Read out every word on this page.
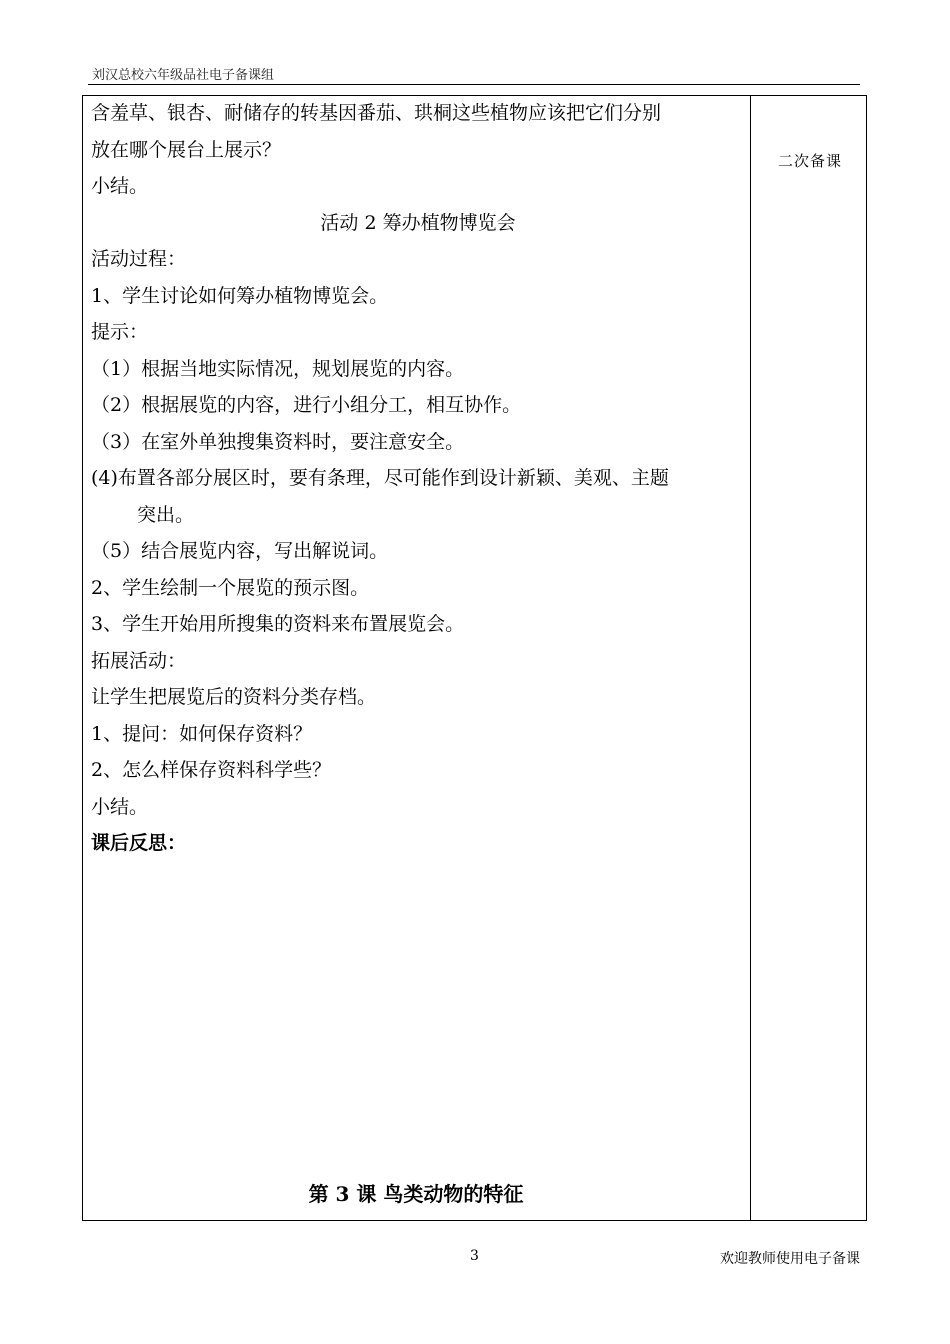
刘汉总校六年级品社电子备课组
二次备课
含羞草、银杏、耐储存的转基因番茄、珙桐这些植物应该把它们分别
放在哪个展台上展示？
小结。
活动 2 筹办植物博览会
活动过程：
1、学生讨论如何筹办植物博览会。
提示：
（1）根据当地实际情况，规划展览的内容。
（2）根据展览的内容，进行小组分工，相互协作。
（3）在室外单独搜集资料时，要注意安全。
(4)布置各部分展区时，要有条理，尽可能作到设计新颖、美观、主题
突出。
（5）结合展览内容，写出解说词。
2、学生绘制一个展览的预示图。
3、学生开始用所搜集的资料来布置展览会。
拓展活动：
让学生把展览后的资料分类存档。
1、提问：如何保存资料？
2、怎么样保存资料科学些？
小结。
课后反思：
第 3 课 鸟类动物的特征
3	欢迎教师使用电子备课
